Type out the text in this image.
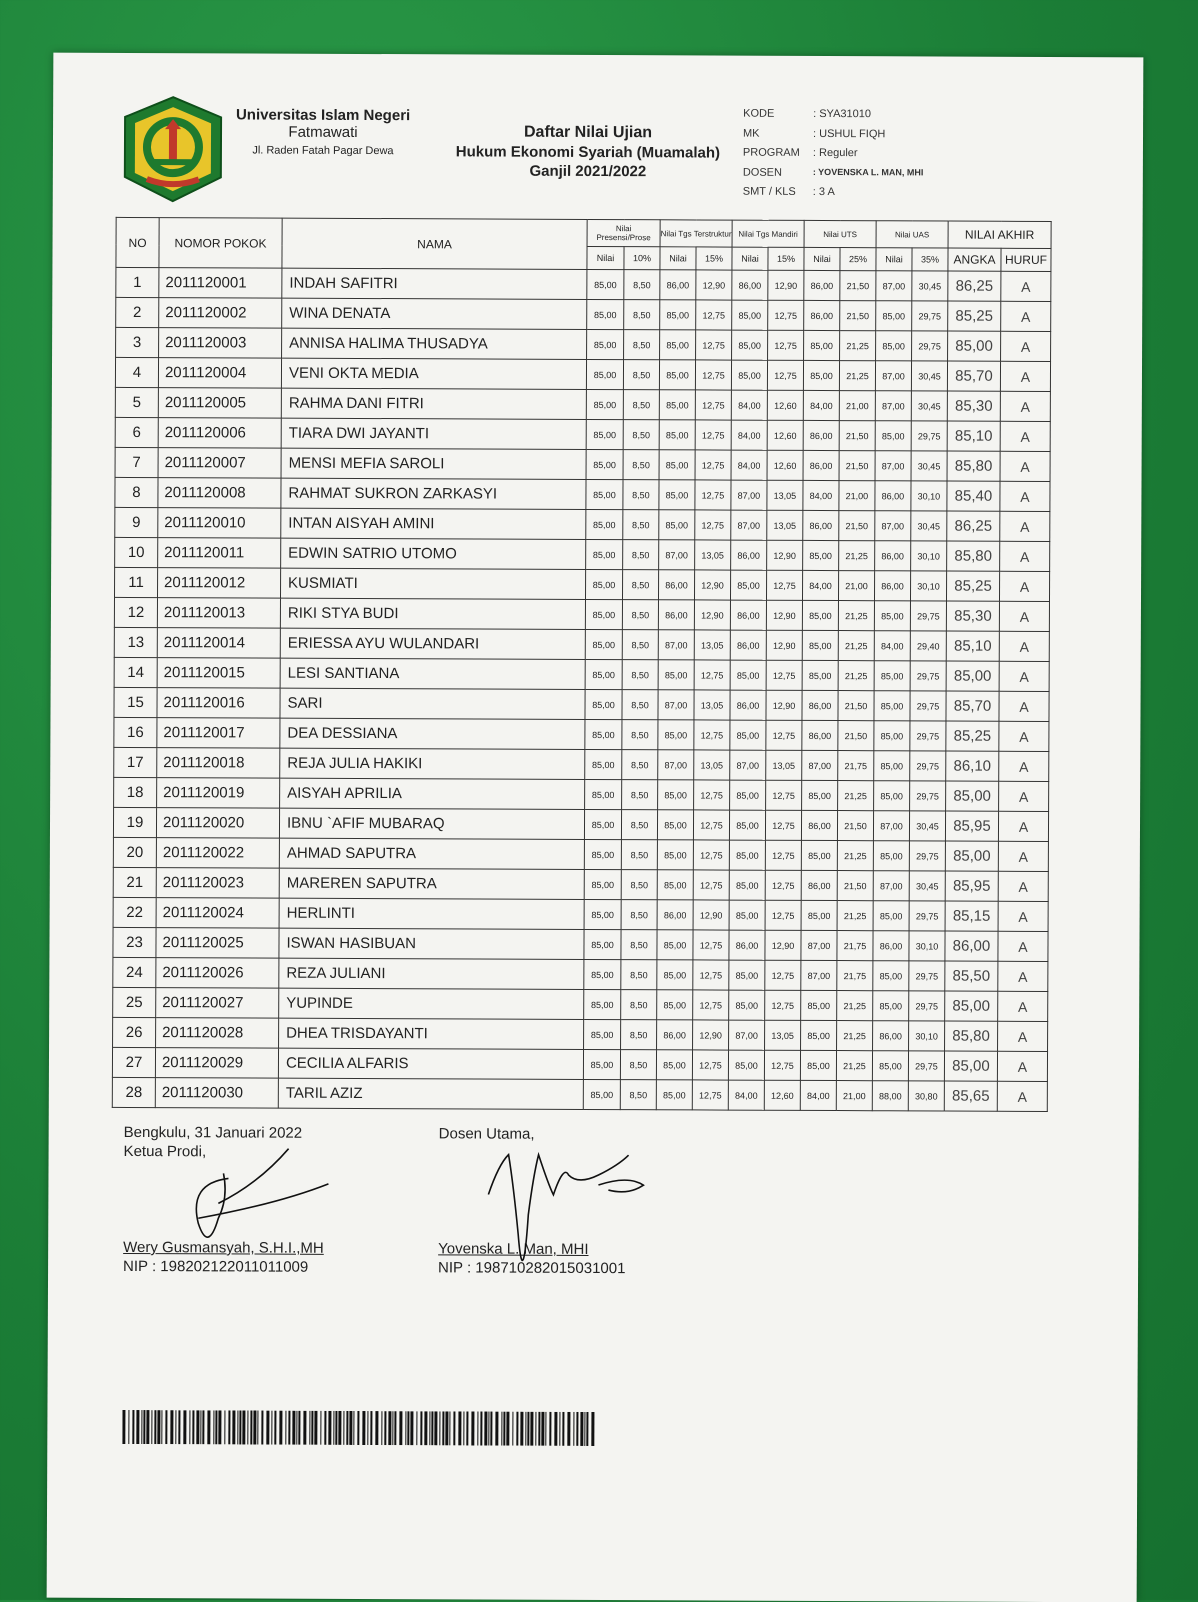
Universitas Islam Negeri
Fatmawati
Jl. Raden Fatah Pagar Dewa
Daftar Nilai Ujian
Hukum Ekonomi Syariah (Muamalah)
Ganjil 2021/2022
KODE	: SYA31010
MK	: USHUL FIQH
PROGRAM	: Reguler
DOSEN	: YOVENSKA L. MAN, MHI
SMT / KLS	: 3 A
NO	NOMOR POKOK	NAMA	Nilai Presensi/Prose		Nilai Tgs Terstruktur		Nilai Tgs Mandiri		Nilai UTS		Nilai UAS		NILAI AKHIR	
			Nilai	10%	Nilai	15%	Nilai	15%	Nilai	25%	Nilai	35%	ANGKA	HURUF
1	2011120001	INDAH SAFITRI	85,00	8,50	86,00	12,90	86,00	12,90	86,00	21,50	87,00	30,45	86,25	A
2	2011120002	WINA DENATA	85,00	8,50	85,00	12,75	85,00	12,75	86,00	21,50	85,00	29,75	85,25	A
3	2011120003	ANNISA HALIMA THUSADYA	85,00	8,50	85,00	12,75	85,00	12,75	85,00	21,25	85,00	29,75	85,00	A
4	2011120004	VENI OKTA MEDIA	85,00	8,50	85,00	12,75	85,00	12,75	85,00	21,25	87,00	30,45	85,70	A
5	2011120005	RAHMA DANI FITRI	85,00	8,50	85,00	12,75	84,00	12,60	84,00	21,00	87,00	30,45	85,30	A
6	2011120006	TIARA DWI JAYANTI	85,00	8,50	85,00	12,75	84,00	12,60	86,00	21,50	85,00	29,75	85,10	A
7	2011120007	MENSI MEFIA SAROLI	85,00	8,50	85,00	12,75	84,00	12,60	86,00	21,50	87,00	30,45	85,80	A
8	2011120008	RAHMAT SUKRON ZARKASYI	85,00	8,50	85,00	12,75	87,00	13,05	84,00	21,00	86,00	30,10	85,40	A
9	2011120010	INTAN AISYAH AMINI	85,00	8,50	85,00	12,75	87,00	13,05	86,00	21,50	87,00	30,45	86,25	A
10	2011120011	EDWIN SATRIO UTOMO	85,00	8,50	87,00	13,05	86,00	12,90	85,00	21,25	86,00	30,10	85,80	A
11	2011120012	KUSMIATI	85,00	8,50	86,00	12,90	85,00	12,75	84,00	21,00	86,00	30,10	85,25	A
12	2011120013	RIKI STYA BUDI	85,00	8,50	86,00	12,90	86,00	12,90	85,00	21,25	85,00	29,75	85,30	A
13	2011120014	ERIESSA AYU WULANDARI	85,00	8,50	87,00	13,05	86,00	12,90	85,00	21,25	84,00	29,40	85,10	A
14	2011120015	LESI SANTIANA	85,00	8,50	85,00	12,75	85,00	12,75	85,00	21,25	85,00	29,75	85,00	A
15	2011120016	SARI	85,00	8,50	87,00	13,05	86,00	12,90	86,00	21,50	85,00	29,75	85,70	A
16	2011120017	DEA DESSIANA	85,00	8,50	85,00	12,75	85,00	12,75	86,00	21,50	85,00	29,75	85,25	A
17	2011120018	REJA JULIA HAKIKI	85,00	8,50	87,00	13,05	87,00	13,05	87,00	21,75	85,00	29,75	86,10	A
18	2011120019	AISYAH APRILIA	85,00	8,50	85,00	12,75	85,00	12,75	85,00	21,25	85,00	29,75	85,00	A
19	2011120020	IBNU `AFIF MUBARAQ	85,00	8,50	85,00	12,75	85,00	12,75	86,00	21,50	87,00	30,45	85,95	A
20	2011120022	AHMAD SAPUTRA	85,00	8,50	85,00	12,75	85,00	12,75	85,00	21,25	85,00	29,75	85,00	A
21	2011120023	MAREREN SAPUTRA	85,00	8,50	85,00	12,75	85,00	12,75	86,00	21,50	87,00	30,45	85,95	A
22	2011120024	HERLINTI	85,00	8,50	86,00	12,90	85,00	12,75	85,00	21,25	85,00	29,75	85,15	A
23	2011120025	ISWAN HASIBUAN	85,00	8,50	85,00	12,75	86,00	12,90	87,00	21,75	86,00	30,10	86,00	A
24	2011120026	REZA JULIANI	85,00	8,50	85,00	12,75	85,00	12,75	87,00	21,75	85,00	29,75	85,50	A
25	2011120027	YUPINDE	85,00	8,50	85,00	12,75	85,00	12,75	85,00	21,25	85,00	29,75	85,00	A
26	2011120028	DHEA TRISDAYANTI	85,00	8,50	86,00	12,90	87,00	13,05	85,00	21,25	86,00	30,10	85,80	A
27	2011120029	CECILIA ALFARIS	85,00	8,50	85,00	12,75	85,00	12,75	85,00	21,25	85,00	29,75	85,00	A
28	2011120030	TARIL AZIZ	85,00	8,50	85,00	12,75	84,00	12,60	84,00	21,00	88,00	30,80	85,65	A
Bengkulu, 31 Januari 2022
Ketua Prodi,
Wery Gusmansyah, S.H.I.,MH
NIP : 198202122011011009
Dosen Utama,
Yovenska L. Man, MHI
NIP : 198710282015031001
